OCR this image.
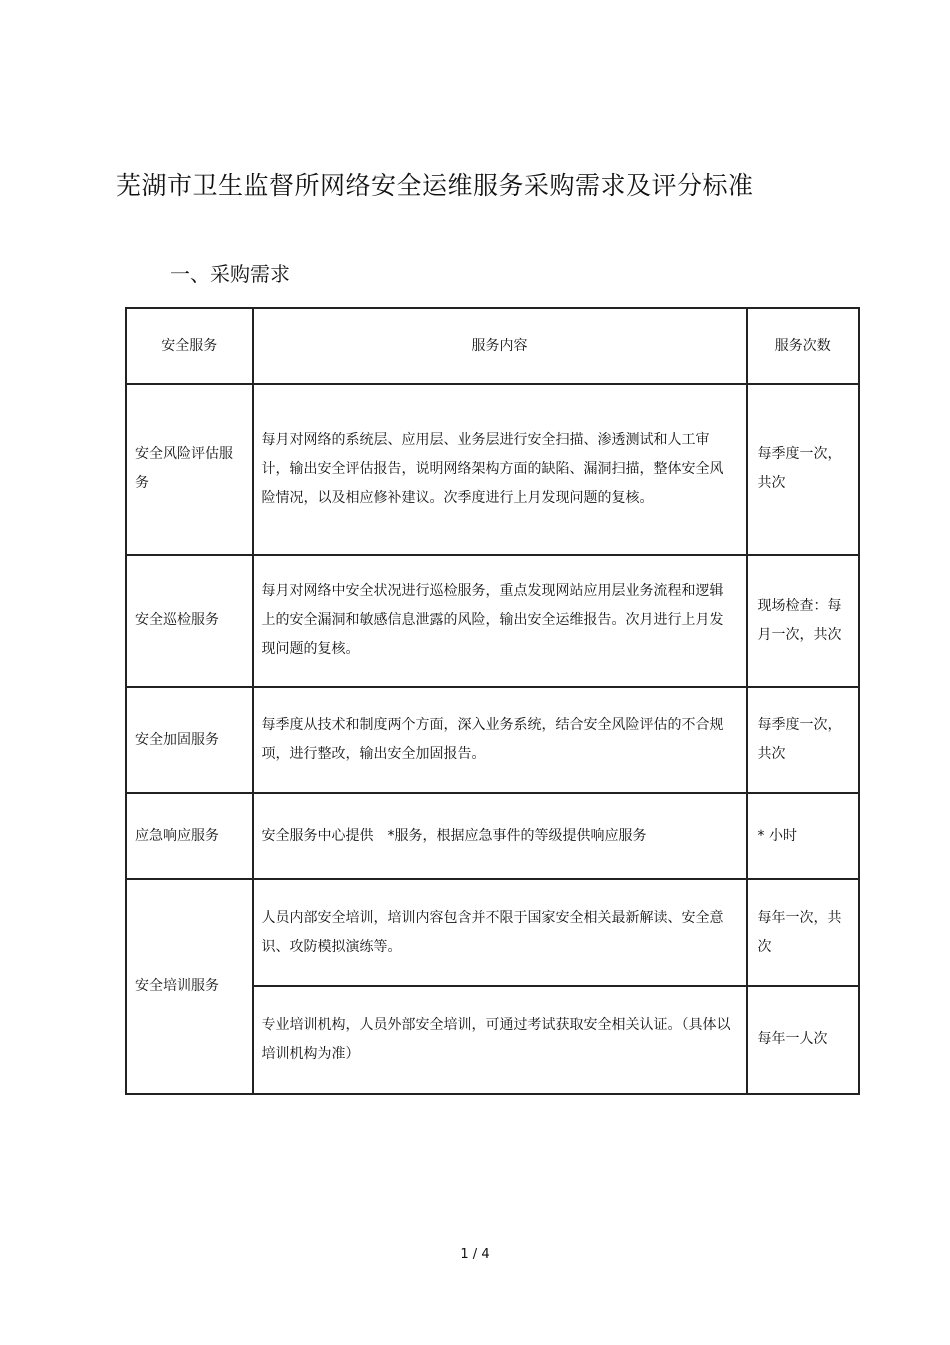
芜湖市卫生监督所网络安全运维服务采购需求及评分标准
一、采购需求
安全服务	服务内容	服务次数

安全风险评估服务	每月对网络的系统层、应用层、业务层进行安全扫描、渗透测试和人工审计，输出安全评估报告，说明网络架构方面的缺陷、漏洞扫描，整体安全风险情况，以及相应修补建议。次季度进行上月发现问题的复核。	每季度一次，共次

安全巡检服务	每月对网络中安全状况进行巡检服务，重点发现网站应用层业务流程和逻辑上的安全漏洞和敏感信息泄露的风险，输出安全运维报告。次月进行上月发现问题的复核。	现场检查：每月一次，共次

安全加固服务	每季度从技术和制度两个方面，深入业务系统，结合安全风险评估的不合规项，进行整改，输出安全加固报告。	每季度一次，共次

应急响应服务	安全服务中心提供　*服务，根据应急事件的等级提供响应服务	* 小时

安全培训服务	人员内部安全培训，培训内容包含并不限于国家安全相关最新解读、安全意识、攻防模拟演练等。	每年一次，共次

	专业培训机构，人员外部安全培训，可通过考试获取安全相关认证。（具体以培训机构为准）	每年一人次
1 / 4
